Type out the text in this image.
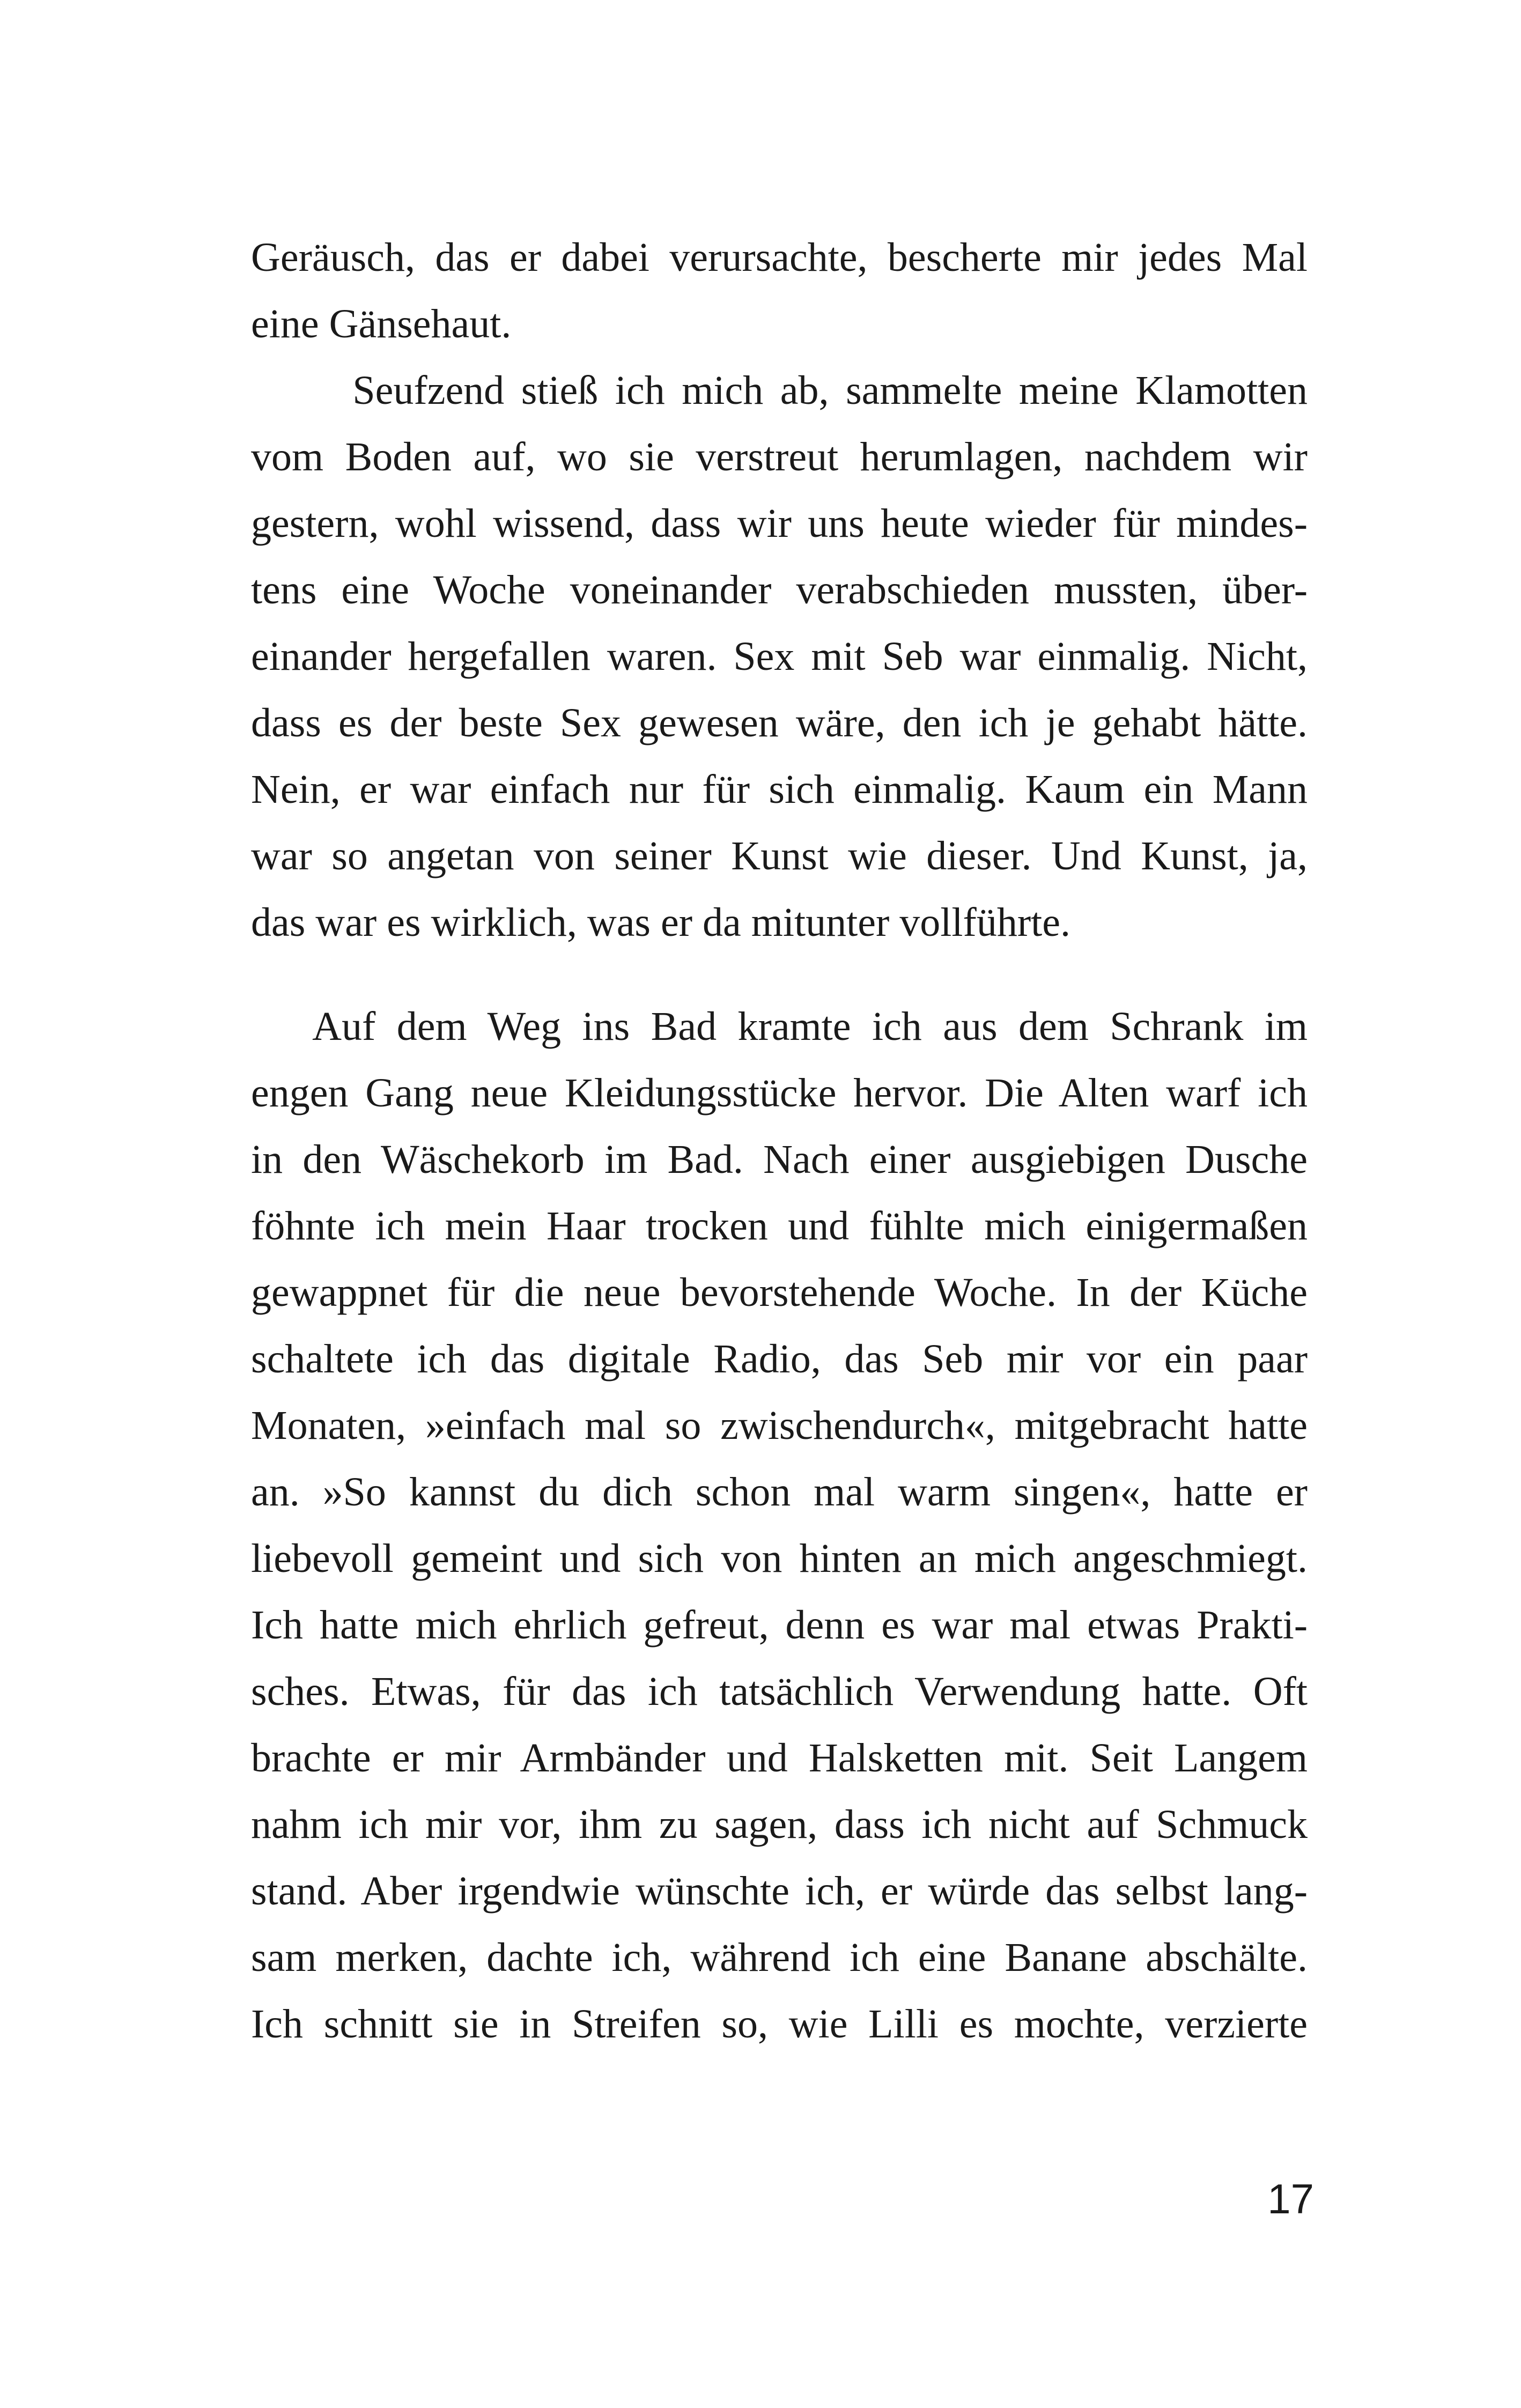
Geräusch, das er dabei verursachte, bescherte mir jedes Mal
eine Gänsehaut.
Seufzend stieß ich mich ab, sammelte meine Klamotten
vom Boden auf, wo sie verstreut herumlagen, nachdem wir
gestern, wohl wissend, dass wir uns heute wieder für mindes-
tens eine Woche voneinander verabschieden mussten, über-
einander hergefallen waren. Sex mit Seb war einmalig. Nicht,
dass es der beste Sex gewesen wäre, den ich je gehabt hätte.
Nein, er war einfach nur für sich einmalig. Kaum ein Mann
war so angetan von seiner Kunst wie dieser. Und Kunst, ja,
das war es wirklich, was er da mitunter vollführte.
Auf dem Weg ins Bad kramte ich aus dem Schrank im
engen Gang neue Kleidungsstücke hervor. Die Alten warf ich
in den Wäschekorb im Bad. Nach einer ausgiebigen Dusche
föhnte ich mein Haar trocken und fühlte mich einigermaßen
gewappnet für die neue bevorstehende Woche. In der Küche
schaltete ich das digitale Radio, das Seb mir vor ein paar
Monaten, »einfach mal so zwischendurch«, mitgebracht hatte
an. »So kannst du dich schon mal warm singen«, hatte er
liebevoll gemeint und sich von hinten an mich angeschmiegt.
Ich hatte mich ehrlich gefreut, denn es war mal etwas Prakti-
sches. Etwas, für das ich tatsächlich Verwendung hatte. Oft
brachte er mir Armbänder und Halsketten mit. Seit Langem
nahm ich mir vor, ihm zu sagen, dass ich nicht auf Schmuck
stand. Aber irgendwie wünschte ich, er würde das selbst lang-
sam merken, dachte ich, während ich eine Banane abschälte.
Ich schnitt sie in Streifen so, wie Lilli es mochte, verzierte
17
